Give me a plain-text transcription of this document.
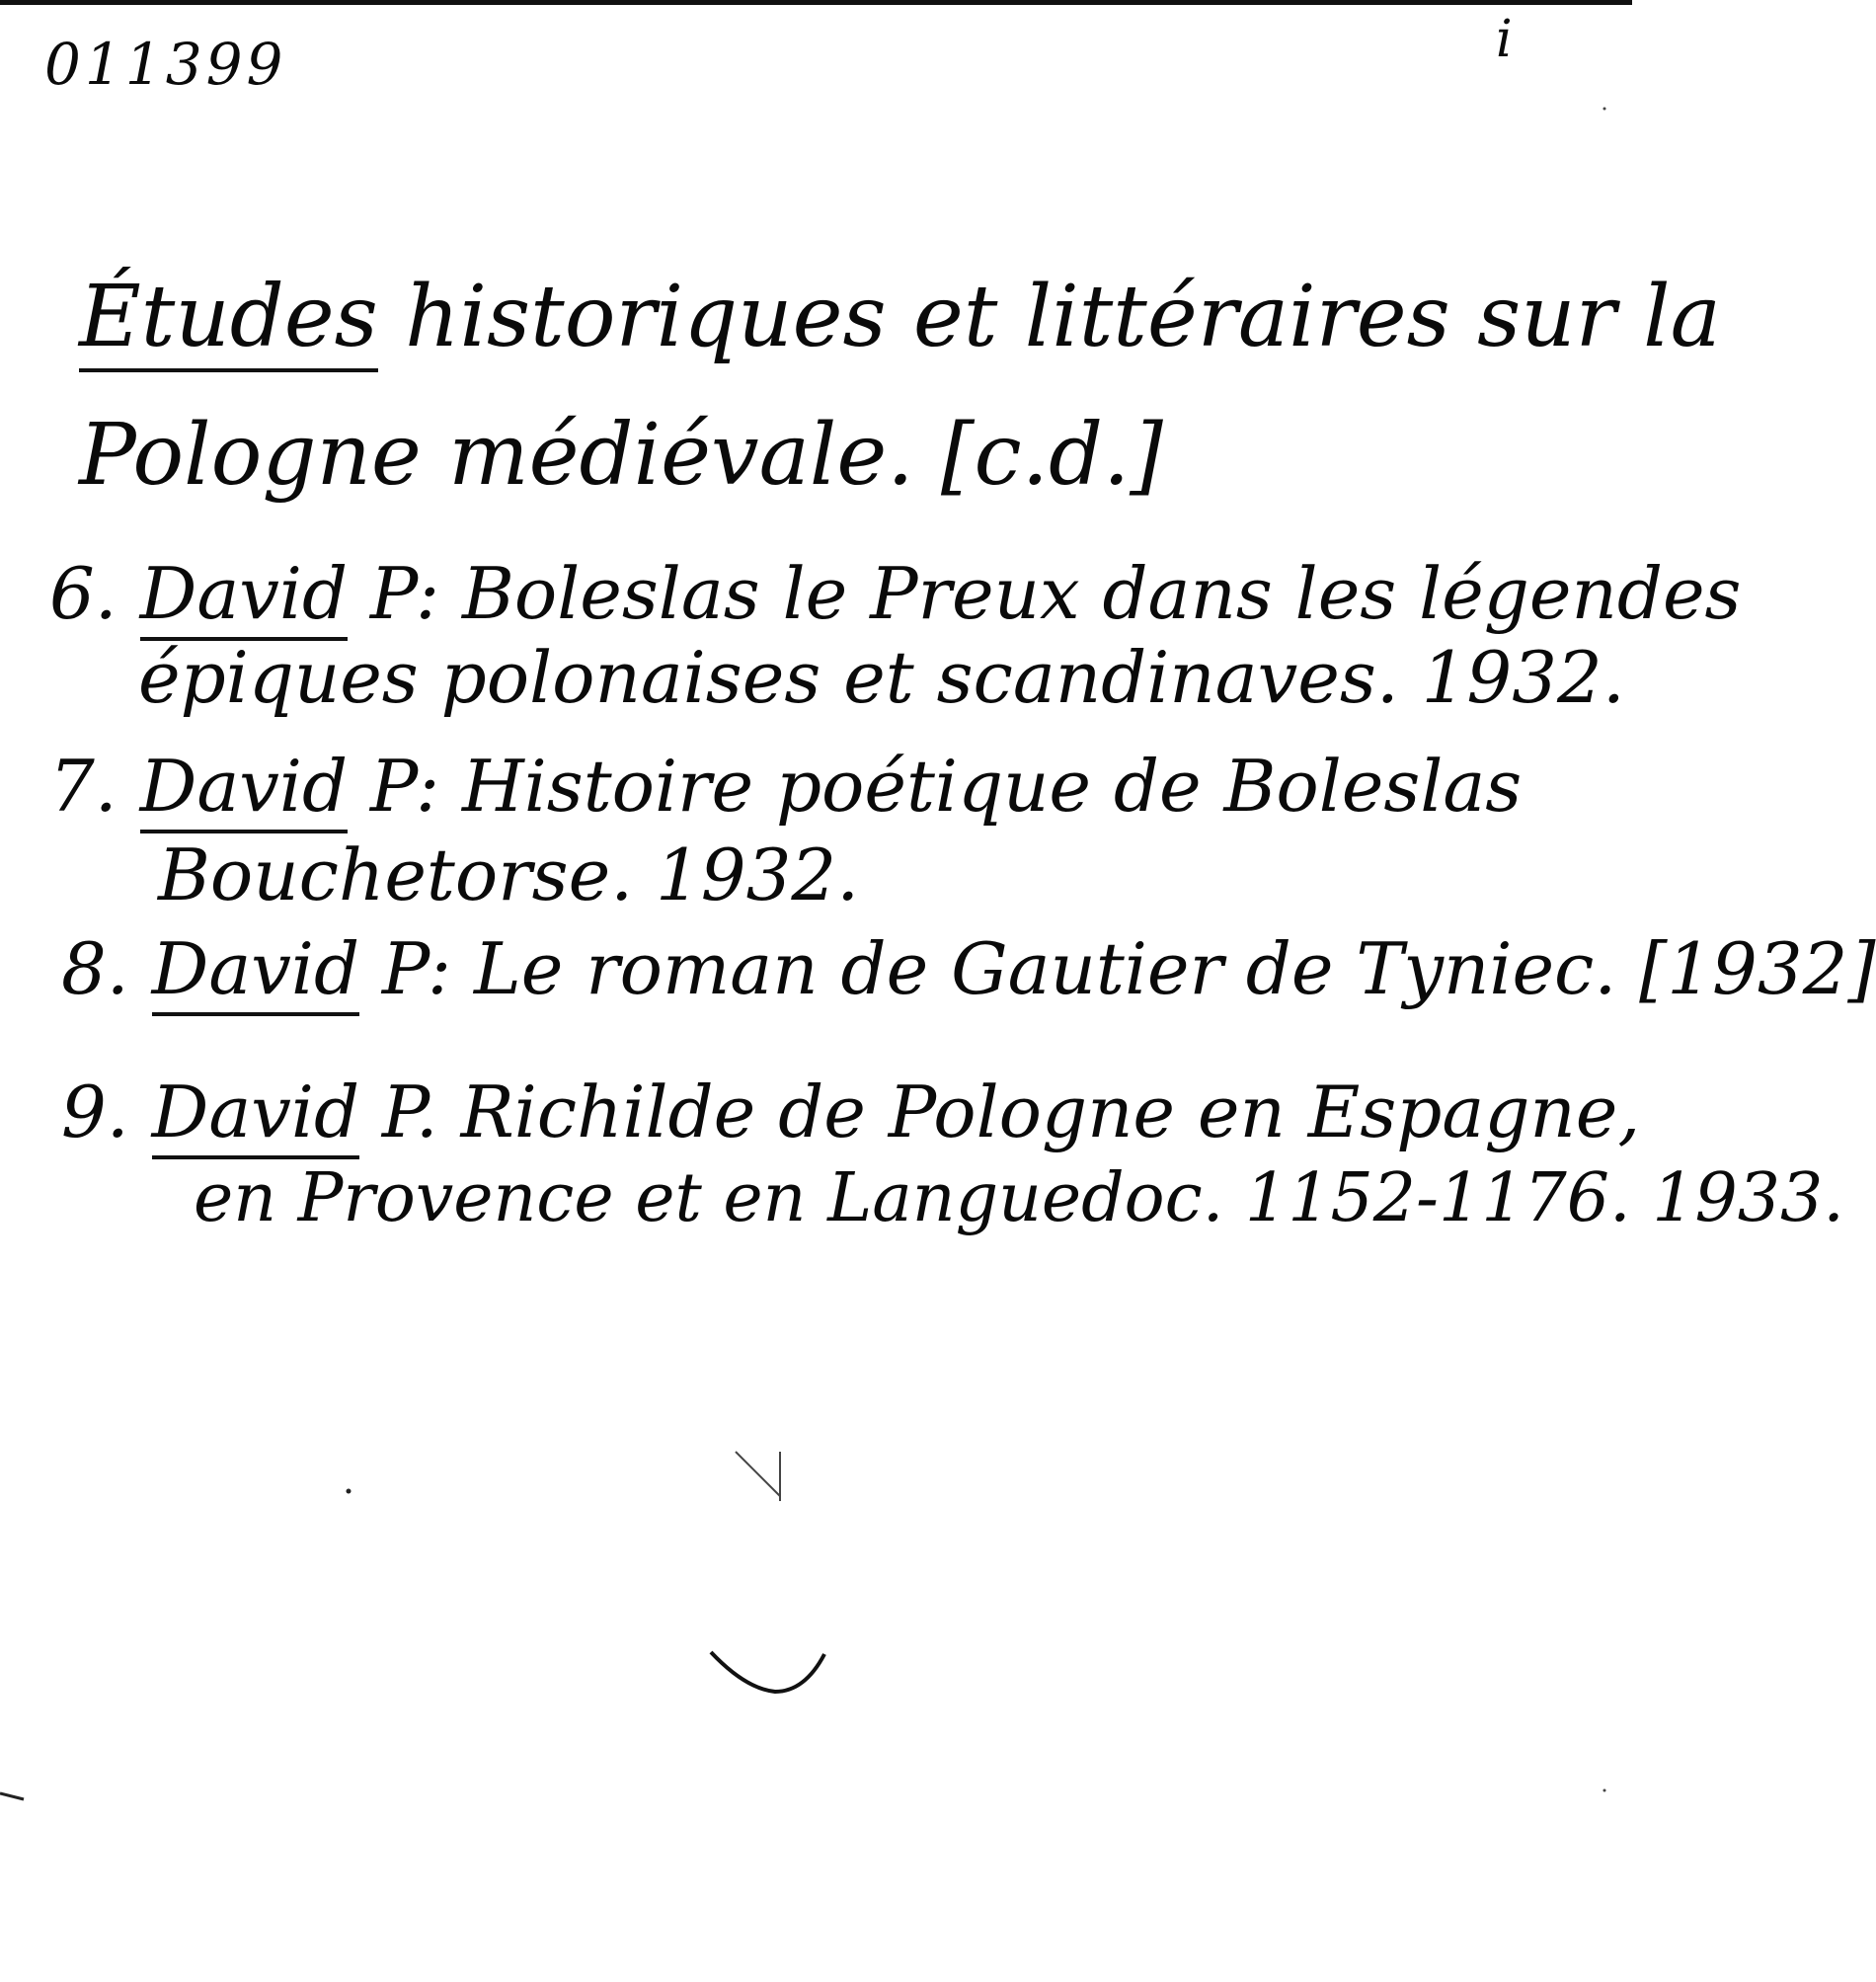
011399	i
Études historiques et littéraires sur la
Pologne médiévale. [c.d.]
6. David P: Boleslas le Preux dans les légendes
épiques polonaises et scandinaves. 1932.
7. David P: Histoire poétique de Boleslas
Bouchetorse. 1932.
8. David P: Le roman de Gautier de Tyniec. [1932]
9. David P. Richilde de Pologne en Espagne,
en Provence et en Languedoc. 1152-1176. 1933.
